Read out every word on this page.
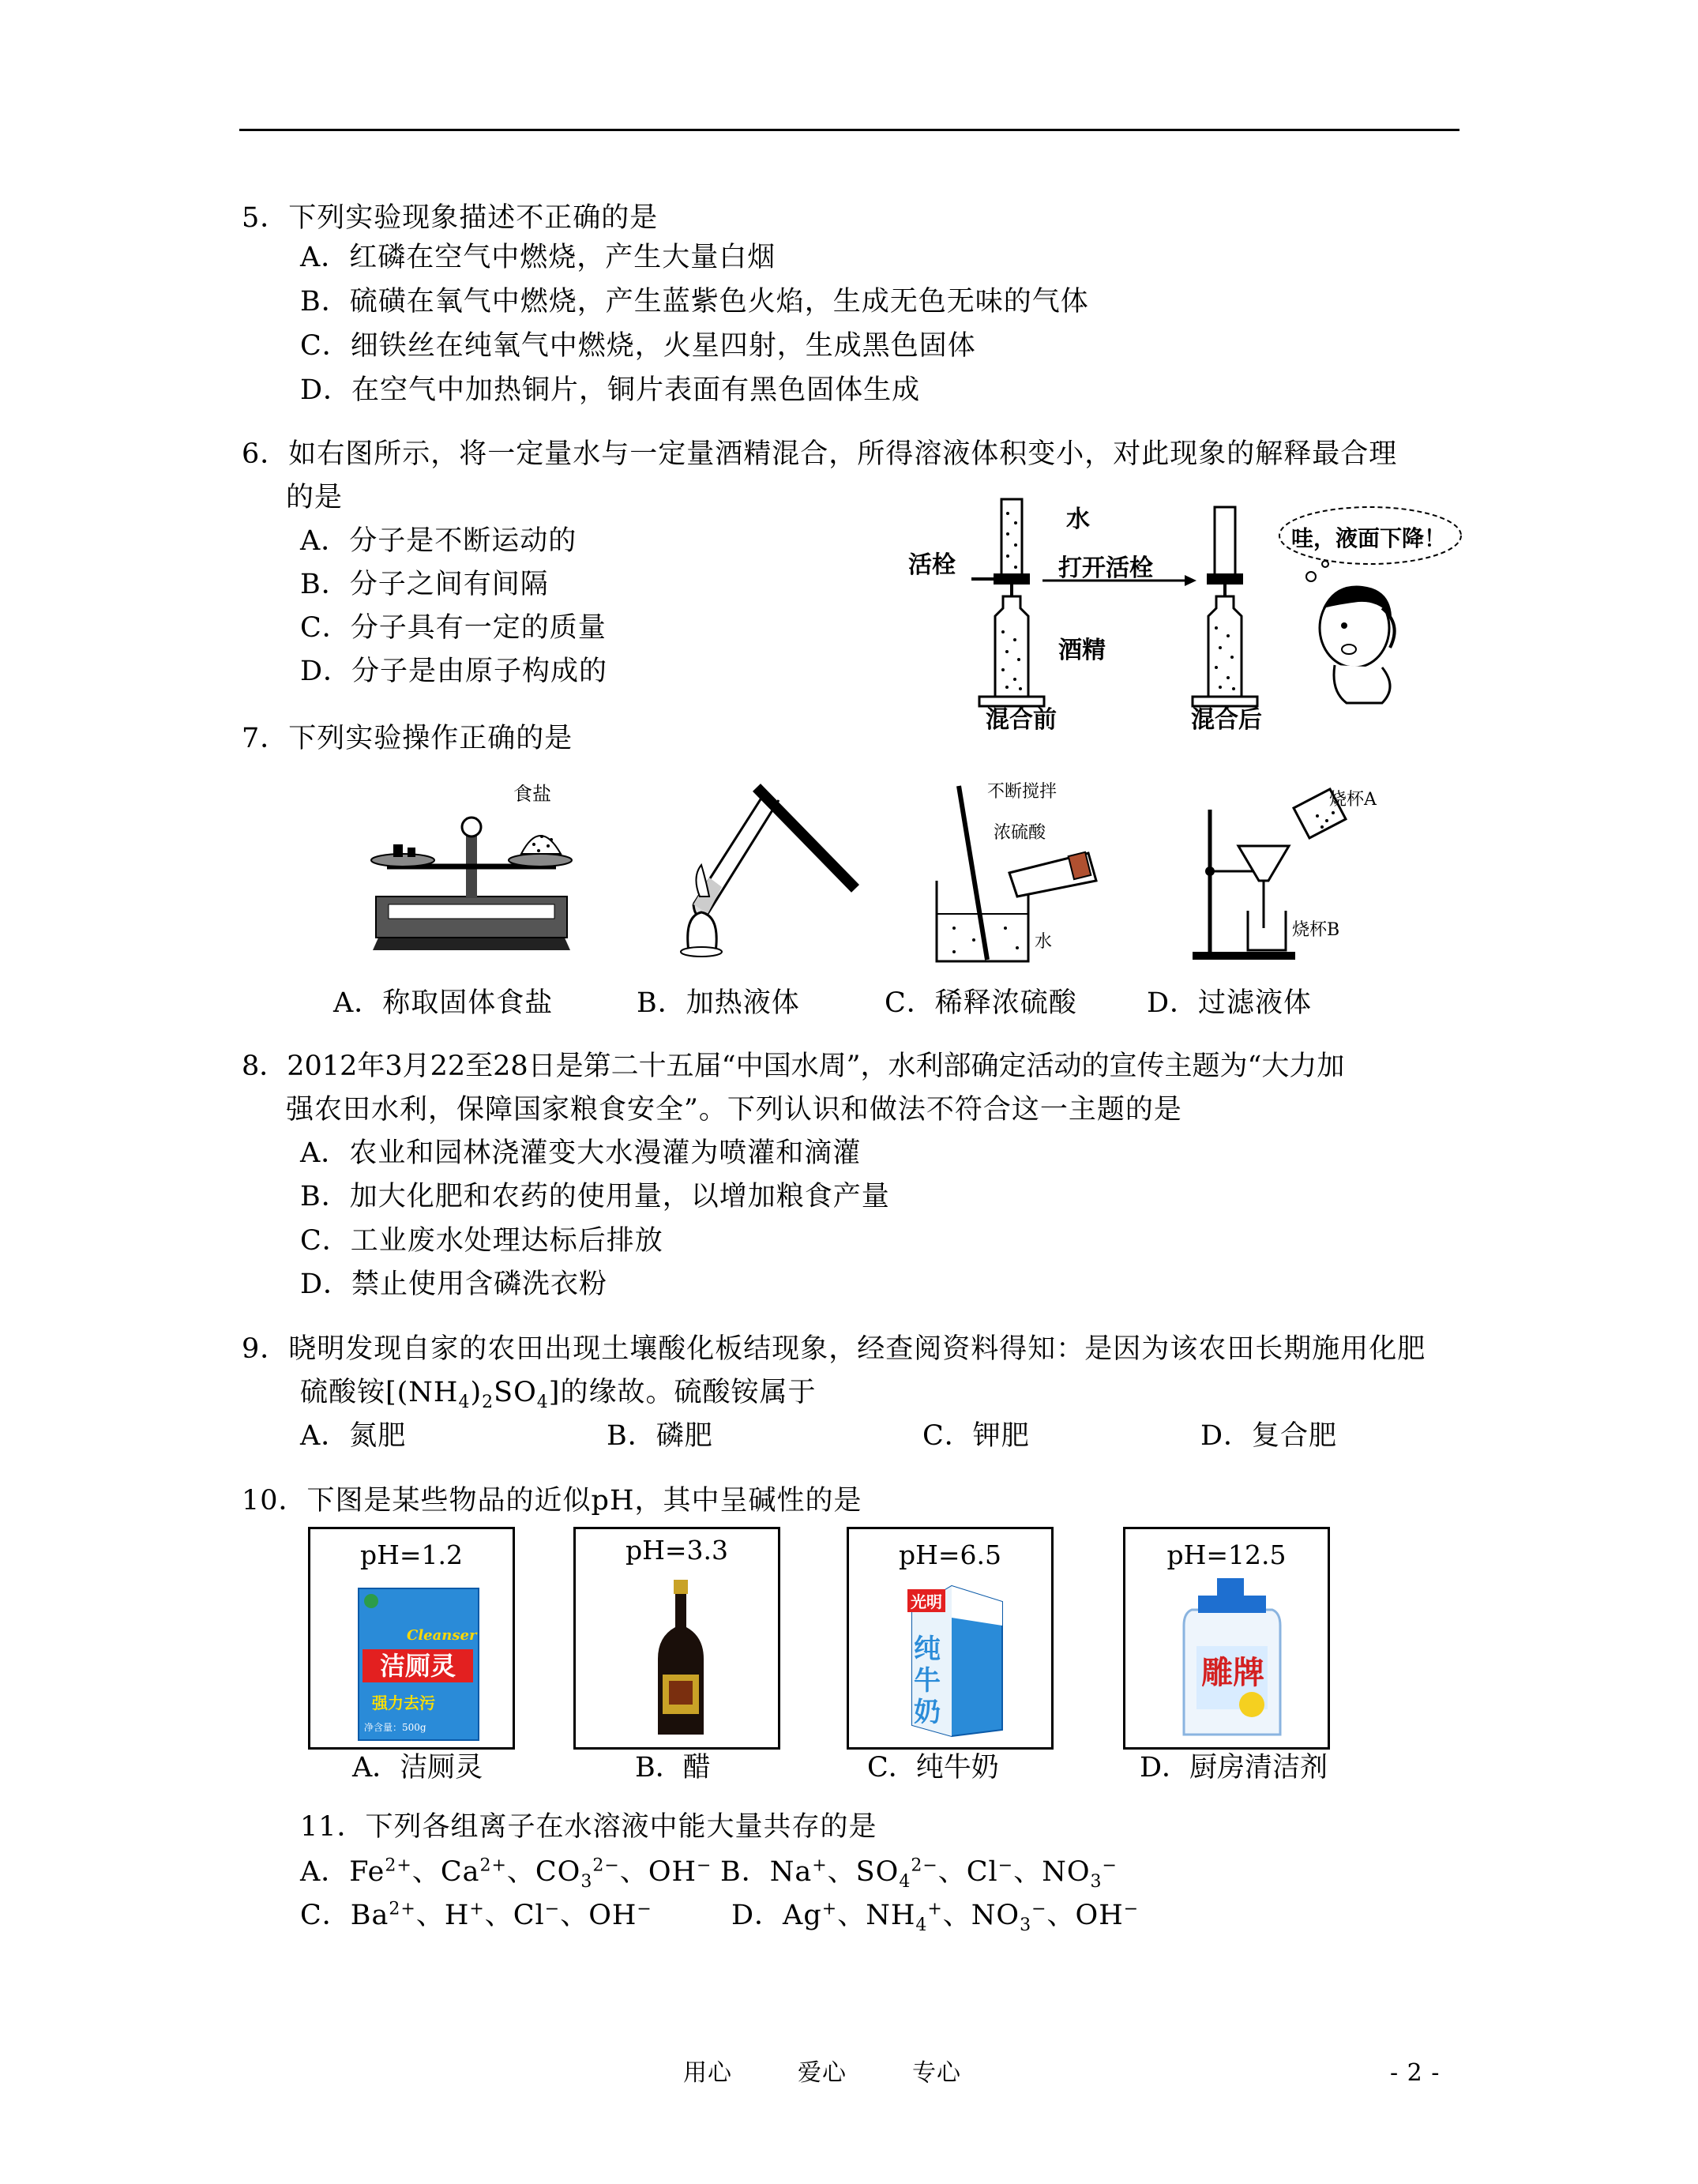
5．下列实验现象描述不正确的是
A．红磷在空气中燃烧，产生大量白烟
B．硫磺在氧气中燃烧，产生蓝紫色火焰，生成无色无味的气体
C．细铁丝在纯氧气中燃烧，火星四射，生成黑色固体
D．在空气中加热铜片，铜片表面有黑色固体生成
6．如右图所示，将一定量水与一定量酒精混合，所得溶液体积变小，对此现象的解释最合理
的是
A．分子是不断运动的
B．分子之间有间隔
C．分子具有一定的质量
D．分子是由原子构成的
水
活栓	打开活栓
酒精
混合前	混合后
哇，液面下降！
7．下列实验操作正确的是
食盐	不断搅拌
浓硫酸
水
烧杯A
烧杯B
A．称取固体食盐	B．加热液体	C．稀释浓硫酸	D．过滤液体
8．2012年3月22至28日是第二十五届“中国水周”，水利部确定活动的宣传主题为“大力加
强农田水利，保障国家粮食安全”。下列认识和做法不符合这一主题的是
A．农业和园林浇灌变大水漫灌为喷灌和滴灌
B．加大化肥和农药的使用量，以增加粮食产量
C．工业废水处理达标后排放
D．禁止使用含磷洗衣粉
9．晓明发现自家的农田出现土壤酸化板结现象，经查阅资料得知：是因为该农田长期施用化肥
硫酸铵$[(NH_4)_2SO_4]$的缘故。硫酸铵属于
A．氮肥	B．磷肥	C．钾肥	D．复合肥
10．下图是某些物品的近似pH，其中呈碱性的是
pH=1.2
Cleanser
洁厕灵
强力去污
净含量：500g
A．洁厕灵
pH=3.3
B．醋
pH=6.5
光明
纯牛奶
C．纯牛奶
pH=12.5
雕牌
D．厨房清洁剂
11．下列各组离子在水溶液中能大量共存的是
A．$Fe^{2+}$、$Ca^{2+}$、$CO_3^{2-}$、OH− B．Na+、$SO_4^{2-}$、Cl−、$NO_3^-$
C．$Ba^{2+}$、H+、Cl−、OH−	D．Ag+、$NH_4^+$、$NO_3^-$、OH−
用心	爱心	专心	- 2 -
